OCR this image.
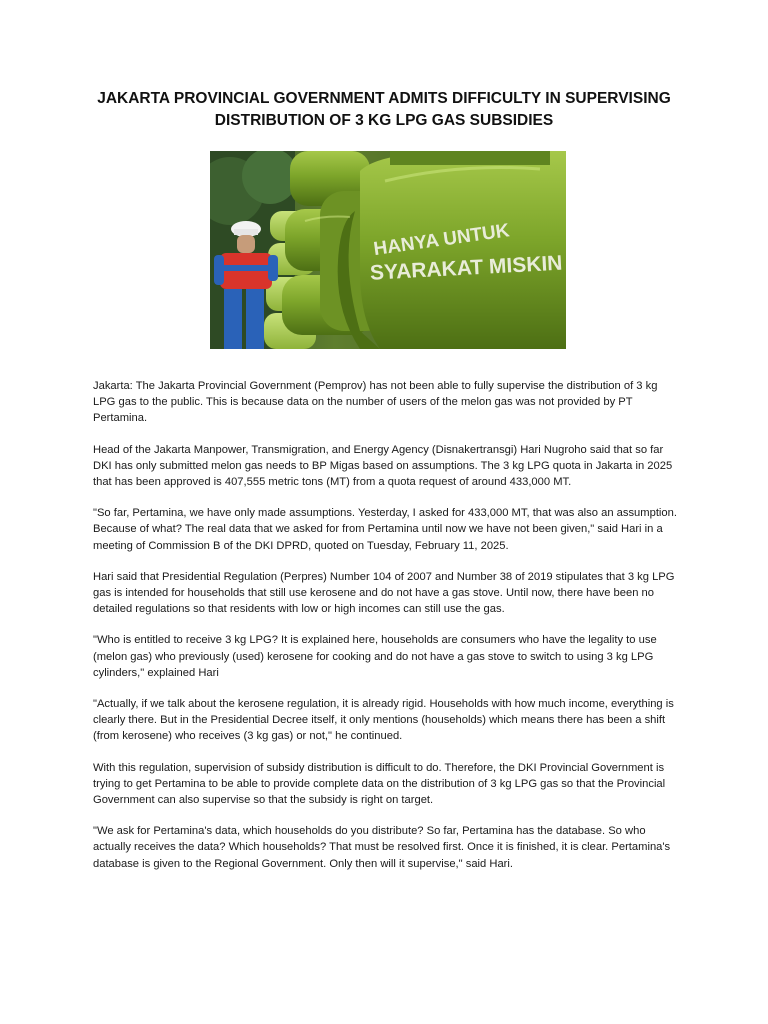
JAKARTA PROVINCIAL GOVERNMENT ADMITS DIFFICULTY IN SUPERVISING DISTRIBUTION OF 3 KG LPG GAS SUBSIDIES
HANYA UNTUK
SYARAKAT MISKIN

Jakarta: The Jakarta Provincial Government (Pemprov) has not been able to fully supervise the distribution of 3 kg LPG gas to the public. This is because data on the number of users of the melon gas was not provided by PT Pertamina.

Head of the Jakarta Manpower, Transmigration, and Energy Agency (Disnakertransgi) Hari Nugroho said that so far DKI has only submitted melon gas needs to BP Migas based on assumptions. The 3 kg LPG quota in Jakarta in 2025 that has been approved is 407,555 metric tons (MT) from a quota request of around 433,000 MT.

"So far, Pertamina, we have only made assumptions. Yesterday, I asked for 433,000 MT, that was also an assumption. Because of what? The real data that we asked for from Pertamina until now we have not been given," said Hari in a meeting of Commission B of the DKI DPRD, quoted on Tuesday, February 11, 2025.

Hari said that Presidential Regulation (Perpres) Number 104 of 2007 and Number 38 of 2019 stipulates that 3 kg LPG gas is intended for households that still use kerosene and do not have a gas stove. Until now, there have been no detailed regulations so that residents with low or high incomes can still use the gas.

"Who is entitled to receive 3 kg LPG? It is explained here, households are consumers who have the legality to use (melon gas) who previously (used) kerosene for cooking and do not have a gas stove to switch to using 3 kg LPG cylinders," explained Hari

"Actually, if we talk about the kerosene regulation, it is already rigid. Households with how much income, everything is clearly there. But in the Presidential Decree itself, it only mentions (households) which means there has been a shift (from kerosene) who receives (3 kg gas) or not," he continued.

With this regulation, supervision of subsidy distribution is difficult to do. Therefore, the DKI Provincial Government is trying to get Pertamina to be able to provide complete data on the distribution of 3 kg LPG gas so that the Provincial Government can also supervise so that the subsidy is right on target.

"We ask for Pertamina's data, which households do you distribute? So far, Pertamina has the database. So who actually receives the data? Which households? That must be resolved first. Once it is finished, it is clear. Pertamina's database is given to the Regional Government. Only then will it supervise," said Hari.
